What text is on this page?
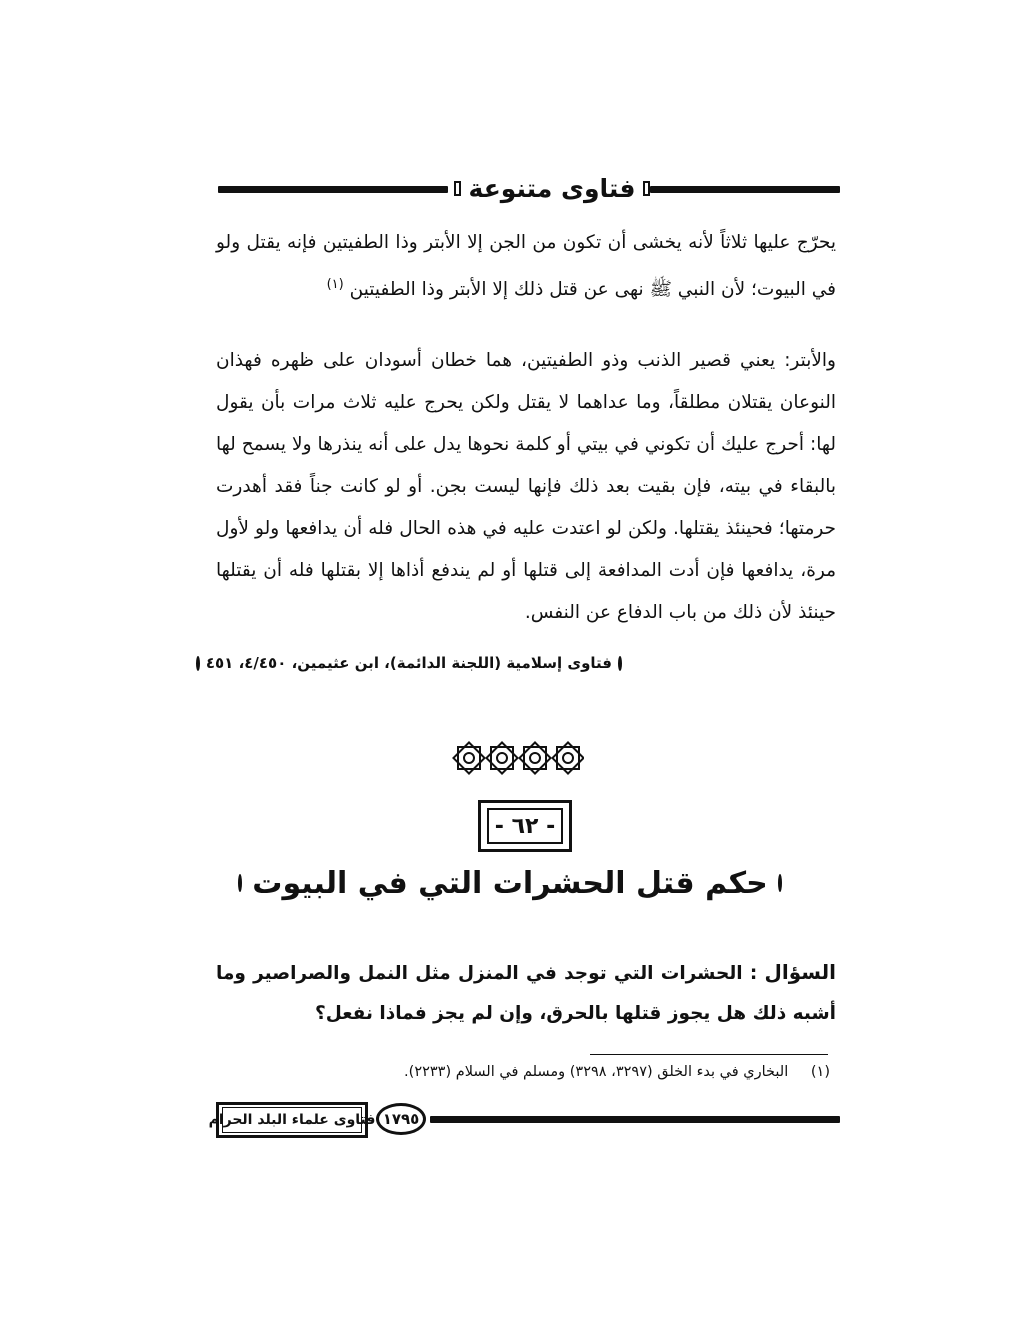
فتاوى متنوعة

يحرّج عليها ثلاثاً لأنه يخشى أن تكون من الجن إلا الأبتر وذا الطفيتين فإنه يقتل ولو في البيوت؛ لأن النبي ﷺ نهى عن قتل ذلك إلا الأبتر وذا الطفيتين $^{(١)}$

والأبتر: يعني قصير الذنب وذو الطفيتين، هما خطان أسودان على ظهره فهذان النوعان يقتلان مطلقاً، وما عداهما لا يقتل ولكن يحرج عليه ثلاث مرات بأن يقول لها: أحرج عليك أن تكوني في بيتي أو كلمة نحوها يدل على أنه ينذرها ولا يسمح لها بالبقاء في بيته، فإن بقيت بعد ذلك فإنها ليست بجن. أو لو كانت جناً فقد أهدرت حرمتها؛ فحينئذ يقتلها. ولكن لو اعتدت عليه في هذه الحال فله أن يدافعها ولو لأول مرة، يدافعها فإن أدت المدافعة إلى قتلها أو لم يندفع أذاها إلا بقتلها فله أن يقتلها حينئذ لأن ذلك من باب الدفاع عن النفس.

فتاوى إسلامية (اللجنة الدائمة)، ابن عثيمين، ٤/٤٥٠، ٤٥١
- ٦٢ -
حكم قتل الحشرات التي في البيوت

السؤال : الحشرات التي توجد في المنزل مثل النمل والصراصير وما أشبه ذلك هل يجوز قتلها بالحرق، وإن لم يجز فماذا نفعل؟

(١) البخاري في بدء الخلق (٣٢٩٧، ٣٢٩٨) ومسلم في السلام (٢٢٣٣).
فتاوى علماء البلد الحرام ١٧٩٥
